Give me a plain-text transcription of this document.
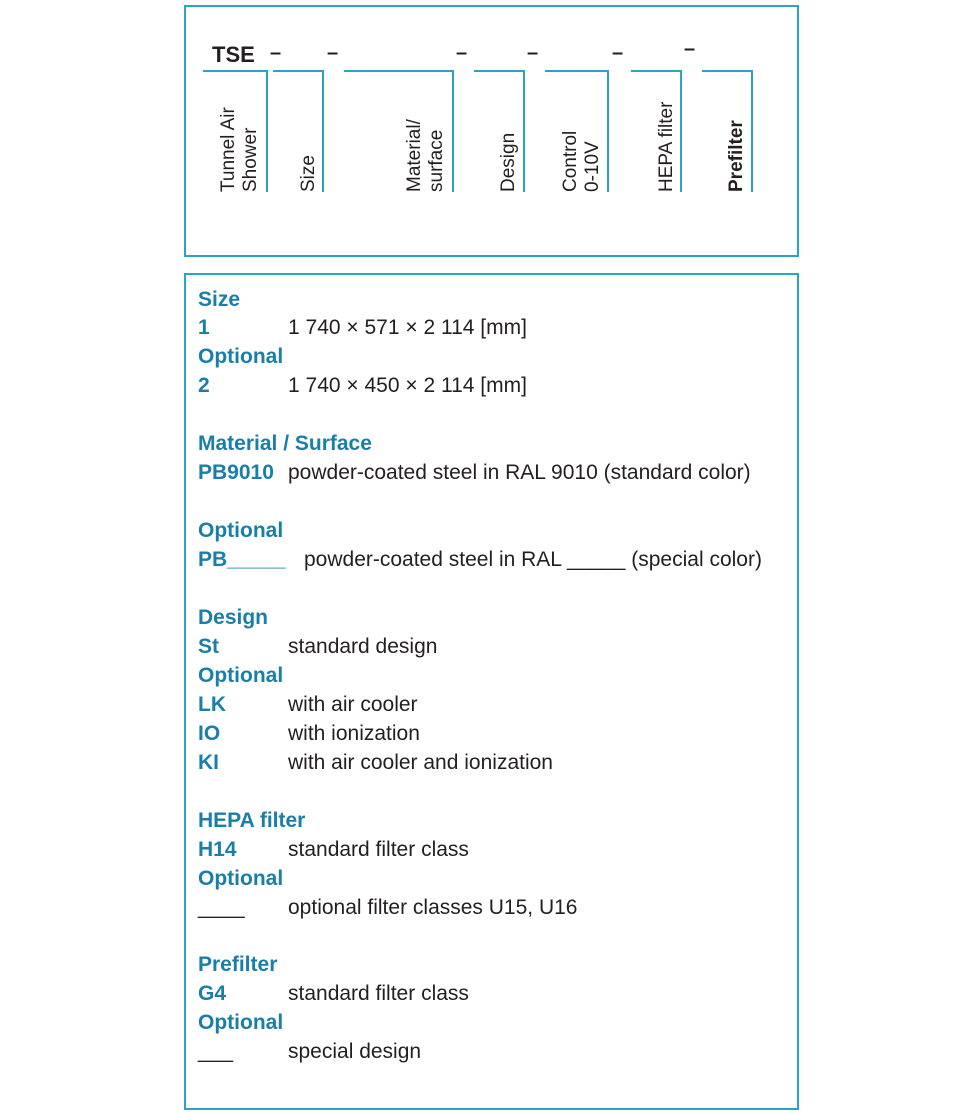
TSE – –	–	–	–	–
Tunnel Air Shower Size	Material/ surface	Design Control 0-10V	HEPA filter	Prefilter
Size
1	1 740 × 571 × 2 114 [mm]
Optional
2	1 740 × 450 × 2 114 [mm]
Material / Surface
PB9010 powder-coated steel in RAL 9010 (standard color)
Optional
PB_____ powder-coated steel in RAL _____ (special color)
Design
St	standard design
Optional
LK	with air cooler
IO	with ionization
KI	with air cooler and ionization
HEPA filter
H14 standard filter class
Optional
____ optional filter classes U15, U16
Prefilter
G4	standard filter class
Optional
___	special design
